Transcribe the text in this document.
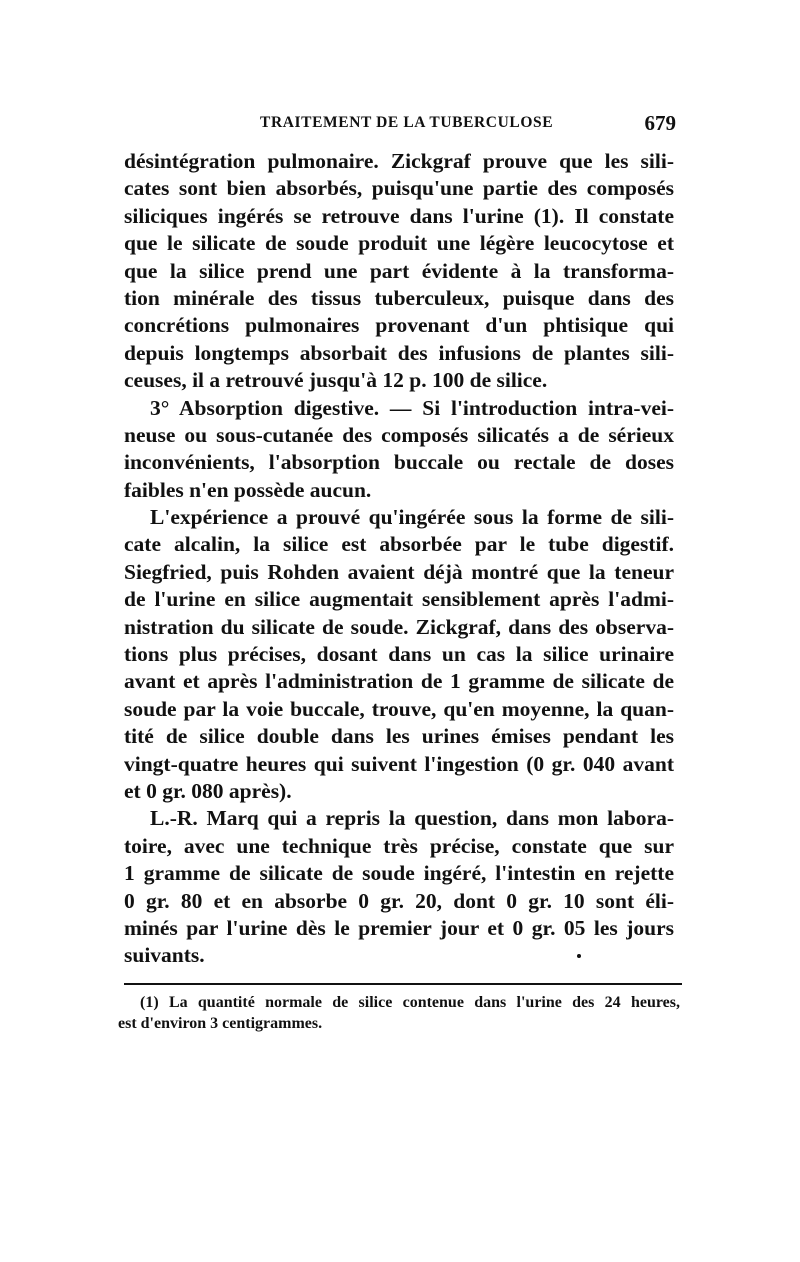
TRAITEMENT DE LA TUBERCULOSE	679
désintégration pulmonaire. Zickgraf prouve que les sili-
cates sont bien absorbés, puisqu'une partie des composés
siliciques ingérés se retrouve dans l'urine (1). Il constate
que le silicate de soude produit une légère leucocytose et
que la silice prend une part évidente à la transforma-
tion minérale des tissus tuberculeux, puisque dans des
concrétions pulmonaires provenant d'un phtisique qui
depuis longtemps absorbait des infusions de plantes sili-
ceuses, il a retrouvé jusqu'à 12 p. 100 de silice.
3° Absorption digestive. — Si l'introduction intra-vei-
neuse ou sous-cutanée des composés silicatés a de sérieux
inconvénients, l'absorption buccale ou rectale de doses
faibles n'en possède aucun.
L'expérience a prouvé qu'ingérée sous la forme de sili-
cate alcalin, la silice est absorbée par le tube digestif.
Siegfried, puis Rohden avaient déjà montré que la teneur
de l'urine en silice augmentait sensiblement après l'admi-
nistration du silicate de soude. Zickgraf, dans des observa-
tions plus précises, dosant dans un cas la silice urinaire
avant et après l'administration de 1 gramme de silicate de
soude par la voie buccale, trouve, qu'en moyenne, la quan-
tité de silice double dans les urines émises pendant les
vingt-quatre heures qui suivent l'ingestion (0 gr. 040 avant
et 0 gr. 080 après).
L.-R. Marq qui a repris la question, dans mon labora-
toire, avec une technique très précise, constate que sur
1 gramme de silicate de soude ingéré, l'intestin en rejette
0 gr. 80 et en absorbe 0 gr. 20, dont 0 gr. 10 sont éli-
minés par l'urine dès le premier jour et 0 gr. 05 les jours
suivants.
(1) La quantité normale de silice contenue dans l'urine des 24 heures,
est d'environ 3 centigrammes.
